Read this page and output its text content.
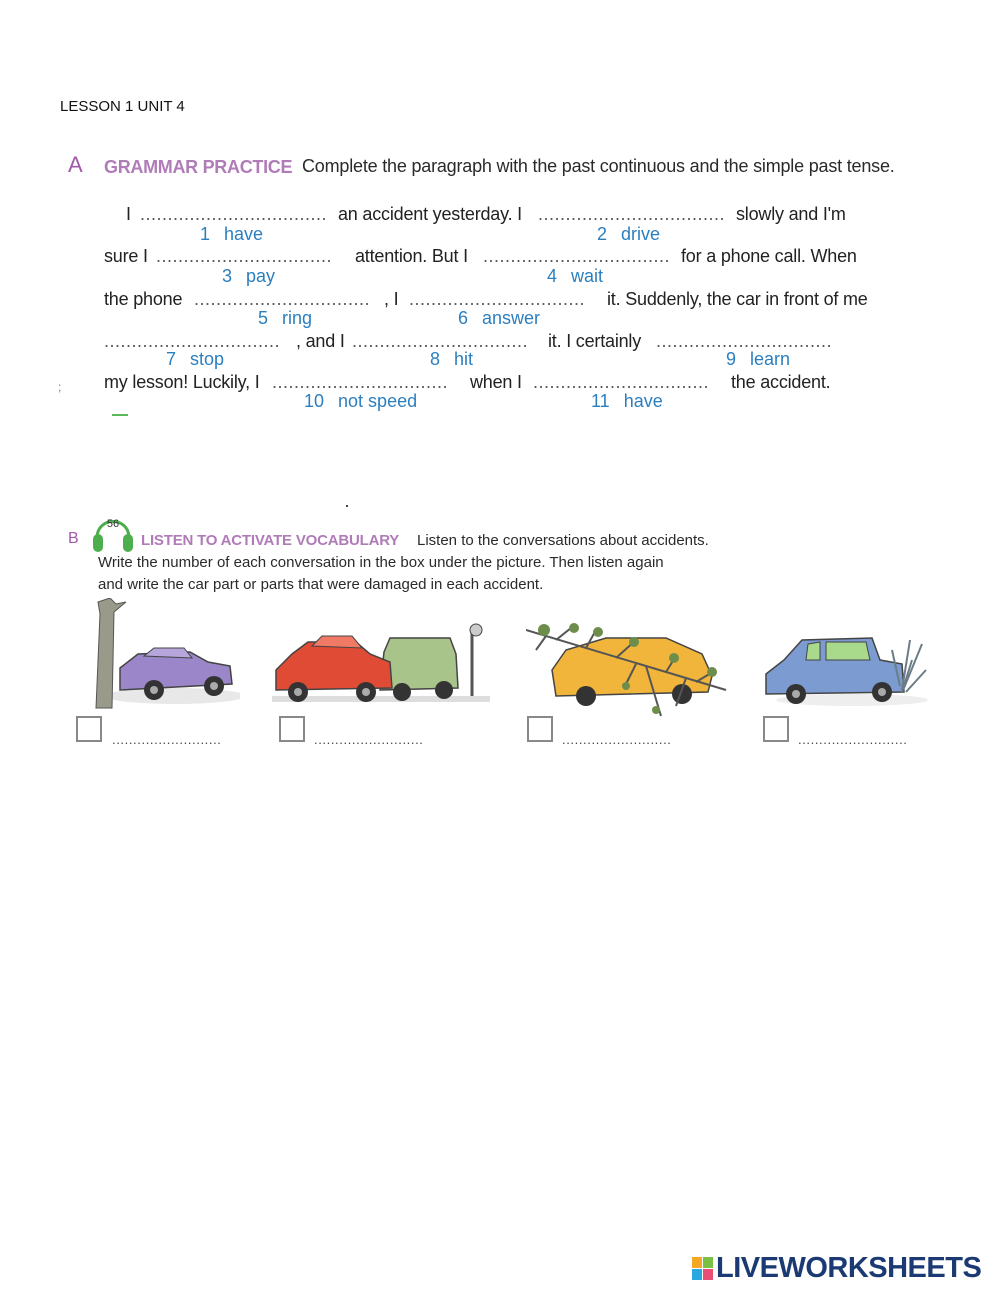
LESSON 1 UNIT 4
A GRAMMAR PRACTICE Complete the paragraph with the past continuous and the simple past tense.
I .................................. an accident yesterday. I .................................. slowly and I'm
1 have	2 drive
sure I ................................ attention. But I .................................. for a phone call. When
3 pay	4 wait
the phone ................................ , I ................................ it. Suddenly, the car in front of me
5 ring	6 answer
................................ , and I ................................ it. I certainly ................................
7 stop	8 hit	9 learn
my lesson! Luckily, I ................................ when I ................................ the accident.
10 not speed	11 have
;
B
56
LISTEN TO ACTIVATE VOCABULARY Listen to the conversations about accidents.
Write the number of each conversation in the box under the picture. Then listen again
and write the car part or parts that were damaged in each accident.
..........................	..........................	..........................	..........................
LIVEWORKSHEETS
